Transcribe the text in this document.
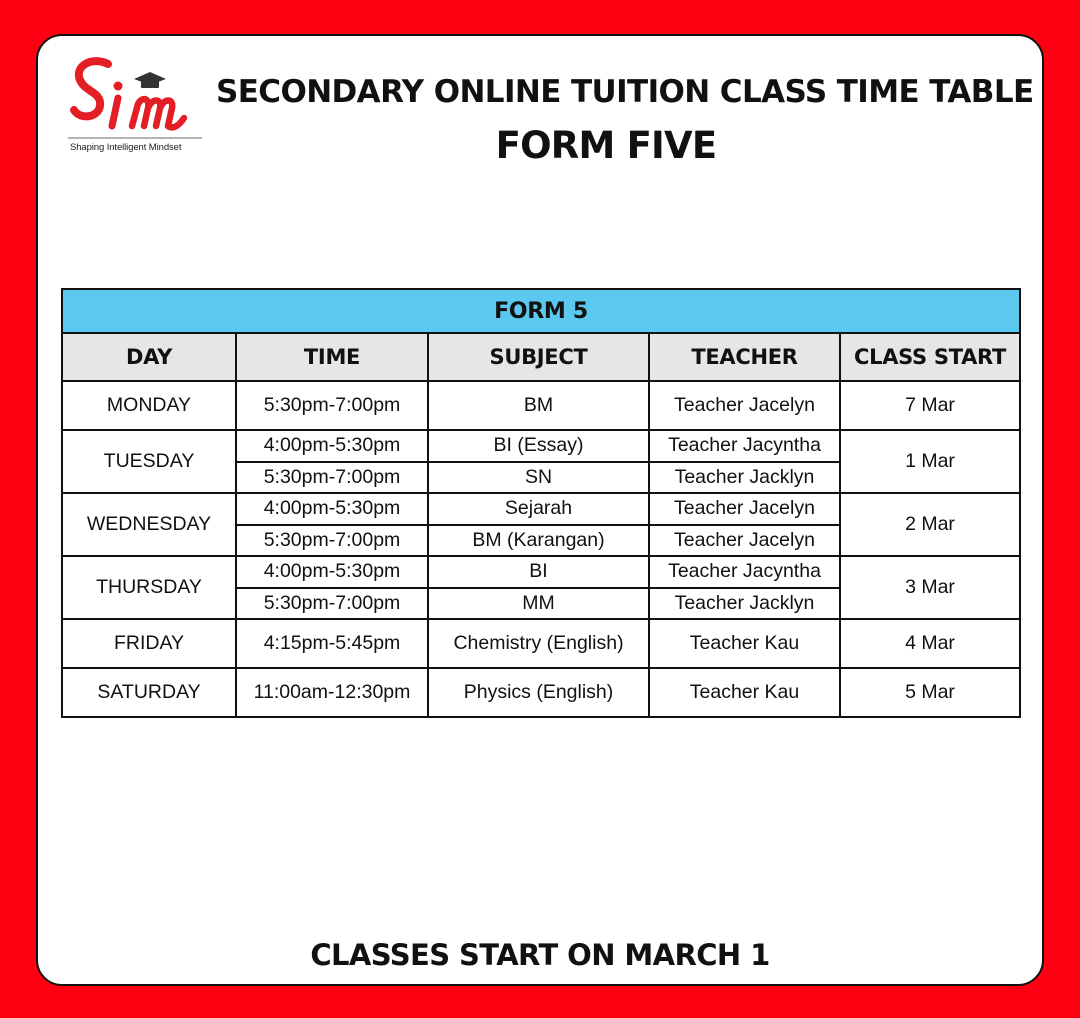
Shaping Intelligent Mindset
SECONDARY ONLINE TUITION CLASS TIME TABLE
FORM FIVE
FORM 5				
DAY	TIME	SUBJECT	TEACHER	CLASS START
MONDAY	5:30pm-7:00pm	BM	Teacher Jacelyn	7 Mar
TUESDAY	4:00pm-5:30pm	BI (Essay)	Teacher Jacyntha	1 Mar
	5:30pm-7:00pm	SN	Teacher Jacklyn	
WEDNESDAY	4:00pm-5:30pm	Sejarah	Teacher Jacelyn	2 Mar
	5:30pm-7:00pm	BM (Karangan)	Teacher Jacelyn	
THURSDAY	4:00pm-5:30pm	BI	Teacher Jacyntha	3 Mar
	5:30pm-7:00pm	MM	Teacher Jacklyn	
FRIDAY	4:15pm-5:45pm	Chemistry (English)	Teacher Kau	4 Mar
SATURDAY	11:00am-12:30pm	Physics (English)	Teacher Kau	5 Mar
CLASSES START ON MARCH 1
